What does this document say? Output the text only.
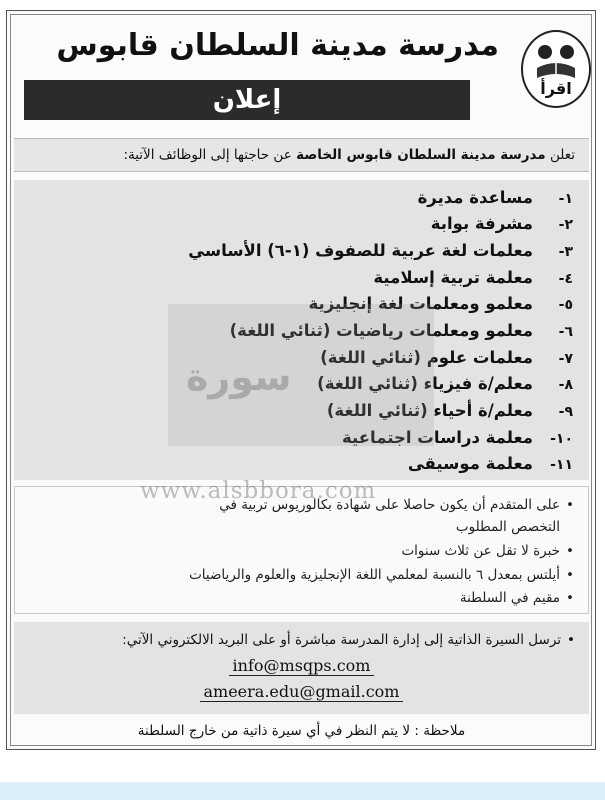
اقرأ
مدرسة مدينة السلطان قابوس
إعلان
تعلن مدرسة مدينة السلطان قابوس الخاصة عن حاجتها إلى الوظائف الآتية:
١-مساعدة مديرة
٢-مشرفة بوابة
٣-معلمات لغة عربية للصفوف (١-٦) الأساسي
٤-معلمة تربية إسلامية
٥-معلمو ومعلمات لغة إنجليزية
٦-معلمو ومعلمات رياضيات (ثنائي اللغة)
٧-معلمات علوم (ثنائي اللغة)
٨-معلم/ة فيزياء (ثنائي اللغة)
٩-معلم/ة أحياء (ثنائي اللغة)
١٠-معلمة دراسات اجتماعية
١١-معلمة موسيقى
• على المتقدم أن يكون حاصلا على شهادة بكالوريوس تربية في
التخصص المطلوب
• خبرة لا تقل عن ثلاث سنوات
• أيلتس بمعدل ٦ بالنسبة لمعلمي اللغة الإنجليزية والعلوم والرياضيات
• مقيم في السلطنة
• ترسل السيرة الذاتية إلى إدارة المدرسة مباشرة أو على البريد الالكتروني الآتي:
info@msqps.com
ameera.edu@gmail.com
ملاحظة : لا يتم النظر في أي سيرة ذاتية من خارج السلطنة
سورة
www.alsbbora.com
